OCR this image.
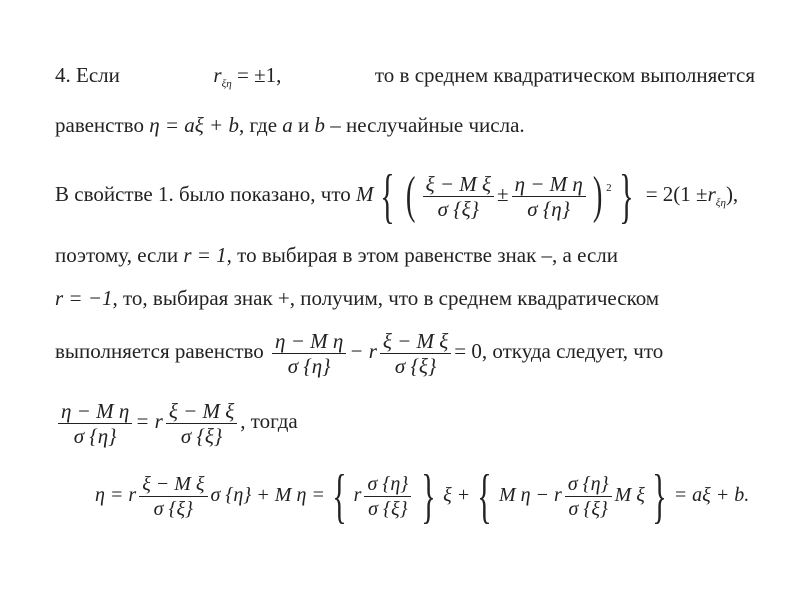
4. Если	$r_{\xi\eta} = \pm 1$,	то в среднем квадратическом выполняется
равенство η = aξ + b, где a и b – неслучайные числа.
В свойстве 1. было показано, что M { ( $\frac{\text{ξ − M ξ}}{\sigma \{\xi\}} \pm \frac{\text{η − M η}}{\sigma \{\eta\}}$ ) $^2$ } = $2(1 \pm r_{\xi\eta})$,
поэтому, если r = 1, то выбирая в этом равенстве знак –, а если
r = −1, то, выбирая знак +, получим, что в среднем квадратическом
выполняется равенство $\frac{\text{η − M η}}{\sigma \{\eta\}} - r \frac{\text{ξ − M ξ}}{\sigma \{\xi\}} = 0$, откуда следует, что
$\frac{\text{η − M η}}{\sigma \{\eta\}} = r \frac{\text{ξ − M ξ}}{\sigma \{\xi\}}$ , тогда
η = r $\frac{\text{ξ − M ξ}}{\sigma \{\xi\}}$ σ {η} + M η = { r $\frac{\sigma \{\eta\}}{\sigma \{\xi\}}$ } ξ + { M η − r $\frac{\sigma \{\eta\}}{\sigma \{\xi\}}$ M ξ } = aξ + b.
